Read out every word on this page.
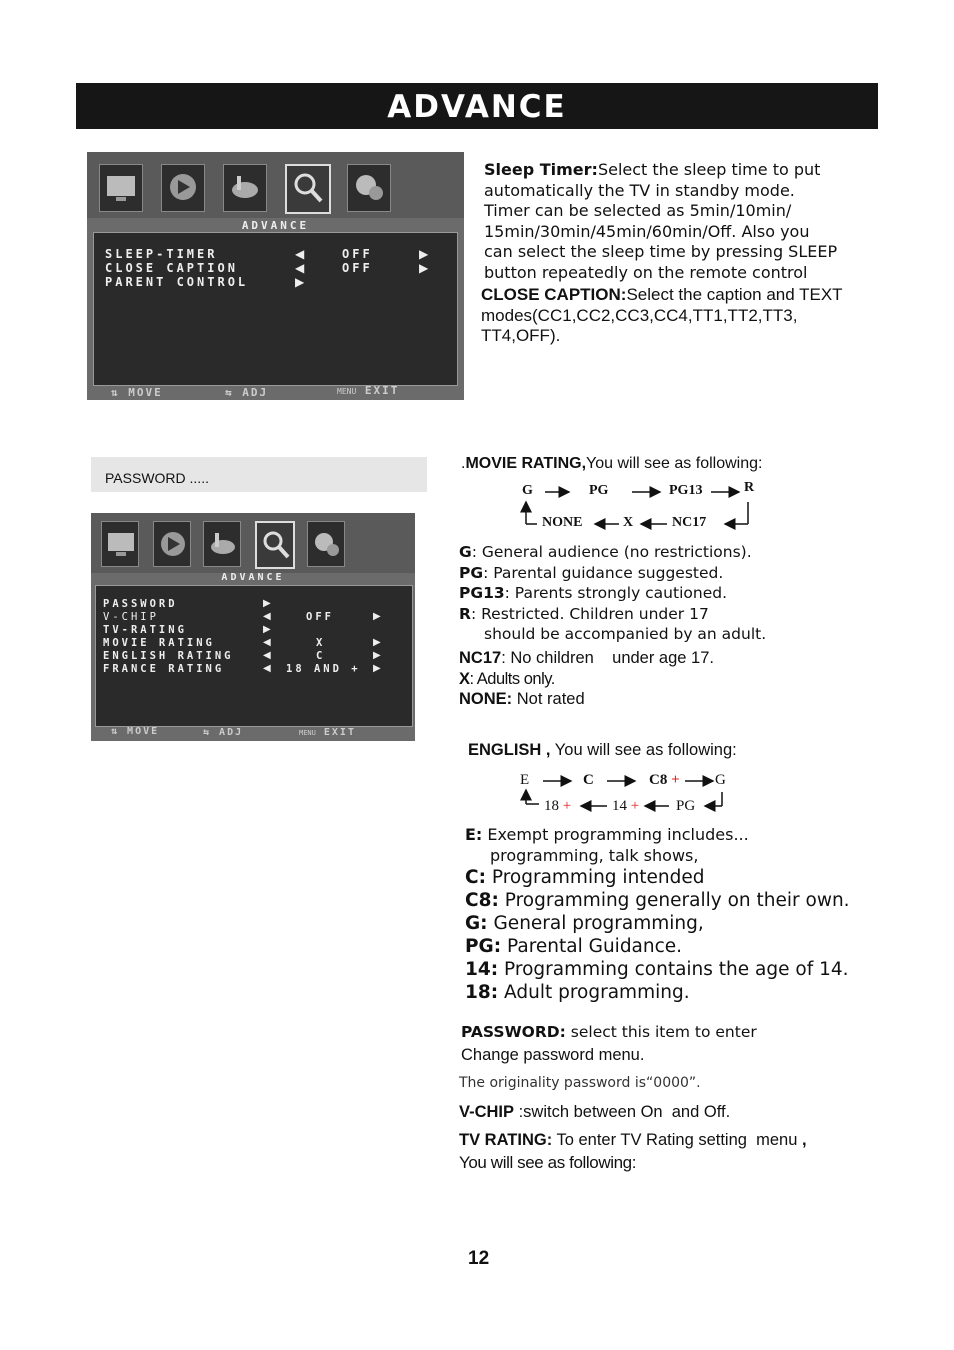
ADVANCE
ADVANCE
SLEEP-TIMER	◀	OFF	▶
CLOSE CAPTION	◀	OFF	▶
PARENT CONTROL	▶
⇅ MOVE	⇆ ADJ	MENU EXIT
Sleep Timer:Select the sleep time to put
automatically the TV in standby mode.
Timer can be selected as 5min/10min/
15min/30min/45min/60min/Off. Also you
can select the sleep time by pressing SLEEP
button repeatedly on the remote control
CLOSE CAPTION:Select the caption and TEXT
modes(CC1,CC2,CC3,CC4,TT1,TT2,TT3,
TT4,OFF).
PASSWORD .....
ADVANCE
PASSWORD	▶
V-CHIP	◀	OFF	▶
TV-RATING	▶
MOVIE RATING	◀	X	▶
ENGLISH RATING	◀	C	▶
FRANCE RATING	◀ 18 AND + ▶
⇅ MOVE	⇆ ADJ	MENU EXIT
.MOVIE RATING,You will see as following:
G	PG	PG13	R
NONE	X	NC17
G: General audience (no restrictions).
PG: Parental guidance suggested.
PG13: Parents strongly cautioned.
R: Restricted. Children under 17
should be accompanied by an adult.
NC17: No children    under age 17.
X: Adults only.
NONE: Not rated
ENGLISH , You will see as following:
E	C	C8 + G
18 +	14 + PG
E: Exempt programming includes...
programming, talk shows,
C: Programming intended
C8: Programming generally on their own.
G: General programming,
PG: Parental Guidance.
14: Programming contains the age of 14.
18: Adult programming.
PASSWORD: select this item to enter
Change password menu.
The originality password is“0000”.
V-CHIP :switch between On  and Off.
TV RATING: To enter TV Rating setting  menu ,
You will see as following:
12
